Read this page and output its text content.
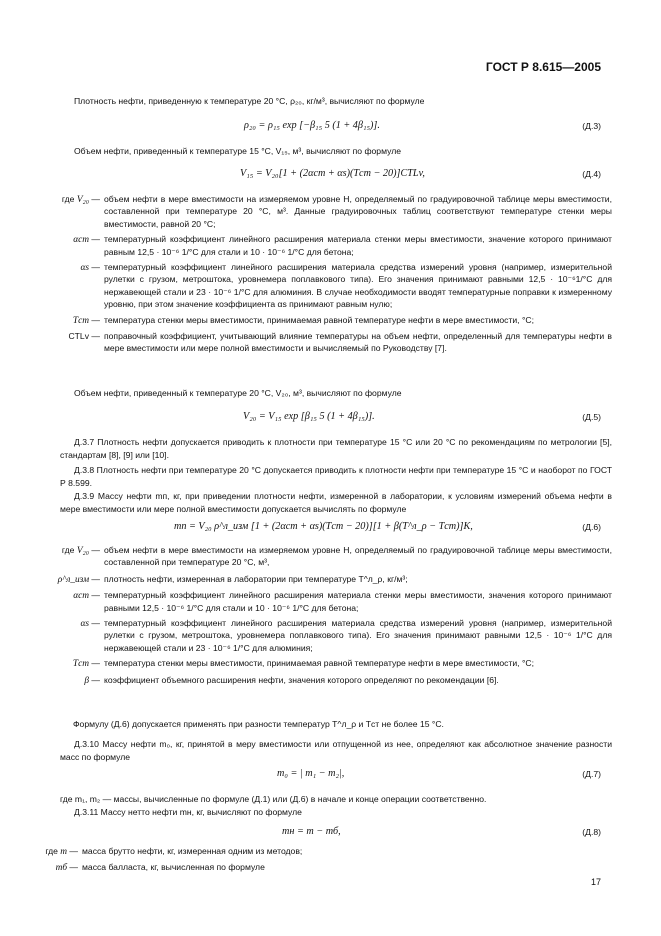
ГОСТ Р 8.615—2005
Плотность нефти, приведенную к температуре 20 °С, ρ₂₀, кг/м³, вычисляют по формуле
ρ₂₀ = ρ₁₅ exp [−β₁₅ 5 (1 + 4β₁₅)].	(Д.3)
Объем нефти, приведенный к температуре 15 °С, V₁₅, м³, вычисляют по формуле
V₁₅ = V₂₀[1 + (2αст + αs)(Tст − 20)]CTLv,	(Д.4)
где V₂₀ — объем нефти в мере вместимости на измеряемом уровне H, определяемый по градуировочной таблице меры вместимости, составленной при температуре 20 °С, м³. Данные градуировочных таблиц соответствуют температуре стенки меры вместимости, равной 20 °С;
αст — температурный коэффициент линейного расширения материала стенки меры вместимости, значение которого принимают равным 12,5 · 10⁻⁶ 1/°С для стали и 10 · 10⁻⁶ 1/°С для бетона;
αs — температурный коэффициент линейного расширения материала средства измерений уровня (например, измерительной рулетки с грузом, метроштока, уровнемера поплавкового типа). Его значения принимают равными 12,5 · 10⁻⁶1/°С для нержавеющей стали и 23 · 10⁻⁶ 1/°С для алюминия. В случае необходимости вводят температурные поправки к измеренному уровню, при этом значение коэффициента αs принимают равным нулю;
Tст — температура стенки меры вместимости, принимаемая равной температуре нефти в мере вместимости, °С;
CTLv — поправочный коэффициент, учитывающий влияние температуры на объем нефти, определенный для температуры нефти в мере вместимости или мере полной вместимости и вычисляемый по Руководству [7].
Объем нефти, приведенный к температуре 20 °С, V₂₀, м³, вычисляют по формуле
V₂₀ = V₁₅ exp [β₁₅ 5 (1 + 4β₁₅)].	(Д.5)
Д.3.7 Плотность нефти допускается приводить к плотности при температуре 15 °С или 20 °С по рекомендациям по метрологии [5], стандартам [8], [9] или [10].
Д.3.8 Плотность нефти при температуре 20 °С допускается приводить к плотности нефти при температуре 15 °С и наоборот по ГОСТ Р 8.599.
Д.3.9 Массу нефти mп, кг, при приведении плотности нефти, измеренной в лаборатории, к условиям измерений объема нефти в мере вместимости или мере полной вместимости допускается вычислять по формуле
mп = V₂₀ ρ^л_изм [1 + (2αст + αs)(Tст − 20)][1 + β(T^л_ρ − Tст)]K,	(Д.6)
где V₂₀ — объем нефти в мере вместимости на измеряемом уровне H, определяемый по градуировочной таблице меры вместимости, составленной при температуре 20 °С, м³,
ρ^л_изм — плотность нефти, измеренная в лаборатории при температуре T^л_ρ, кг/м³;
αст — температурный коэффициент линейного расширения материала стенки меры вместимости, значения которого принимают равными 12,5 · 10⁻⁶ 1/°С для стали и 10 · 10⁻⁶ 1/°С для бетона;
αs — температурный коэффициент линейного расширения материала средства измерений уровня (например, измерительной рулетки с грузом, метроштока, уровнемера поплавкового типа). Его значения принимают равными 12,5 · 10⁻⁶ 1/°С для нержавеющей стали и 23 · 10⁻⁶ 1/°С для алюминия;
Tст — температура стенки меры вместимости, принимаемая равной температуре нефти в мере вместимости, °С;
β — коэффициент объемного расширения нефти, значения которого определяют по рекомендации [6].
Формулу (Д.6) допускается применять при разности температур T^л_ρ и Tст не более 15 °С.
Д.3.10 Массу нефти m₀, кг, принятой в меру вместимости или отпущенной из нее, определяют как абсолютное значение разности масс по формуле
m₀ = | m₁ − m₂|,	(Д.7)
где m₁, m₂ — массы, вычисленные по формуле (Д.1) или (Д.6) в начале и конце операции соответственно.
Д.3.11 Массу нетто нефти mн, кг, вычисляют по формуле
mн = m − mб,	(Д.8)
где m — масса брутто нефти, кг, измеренная одним из методов;
mб — масса балласта, кг, вычисленная по формуле
17
